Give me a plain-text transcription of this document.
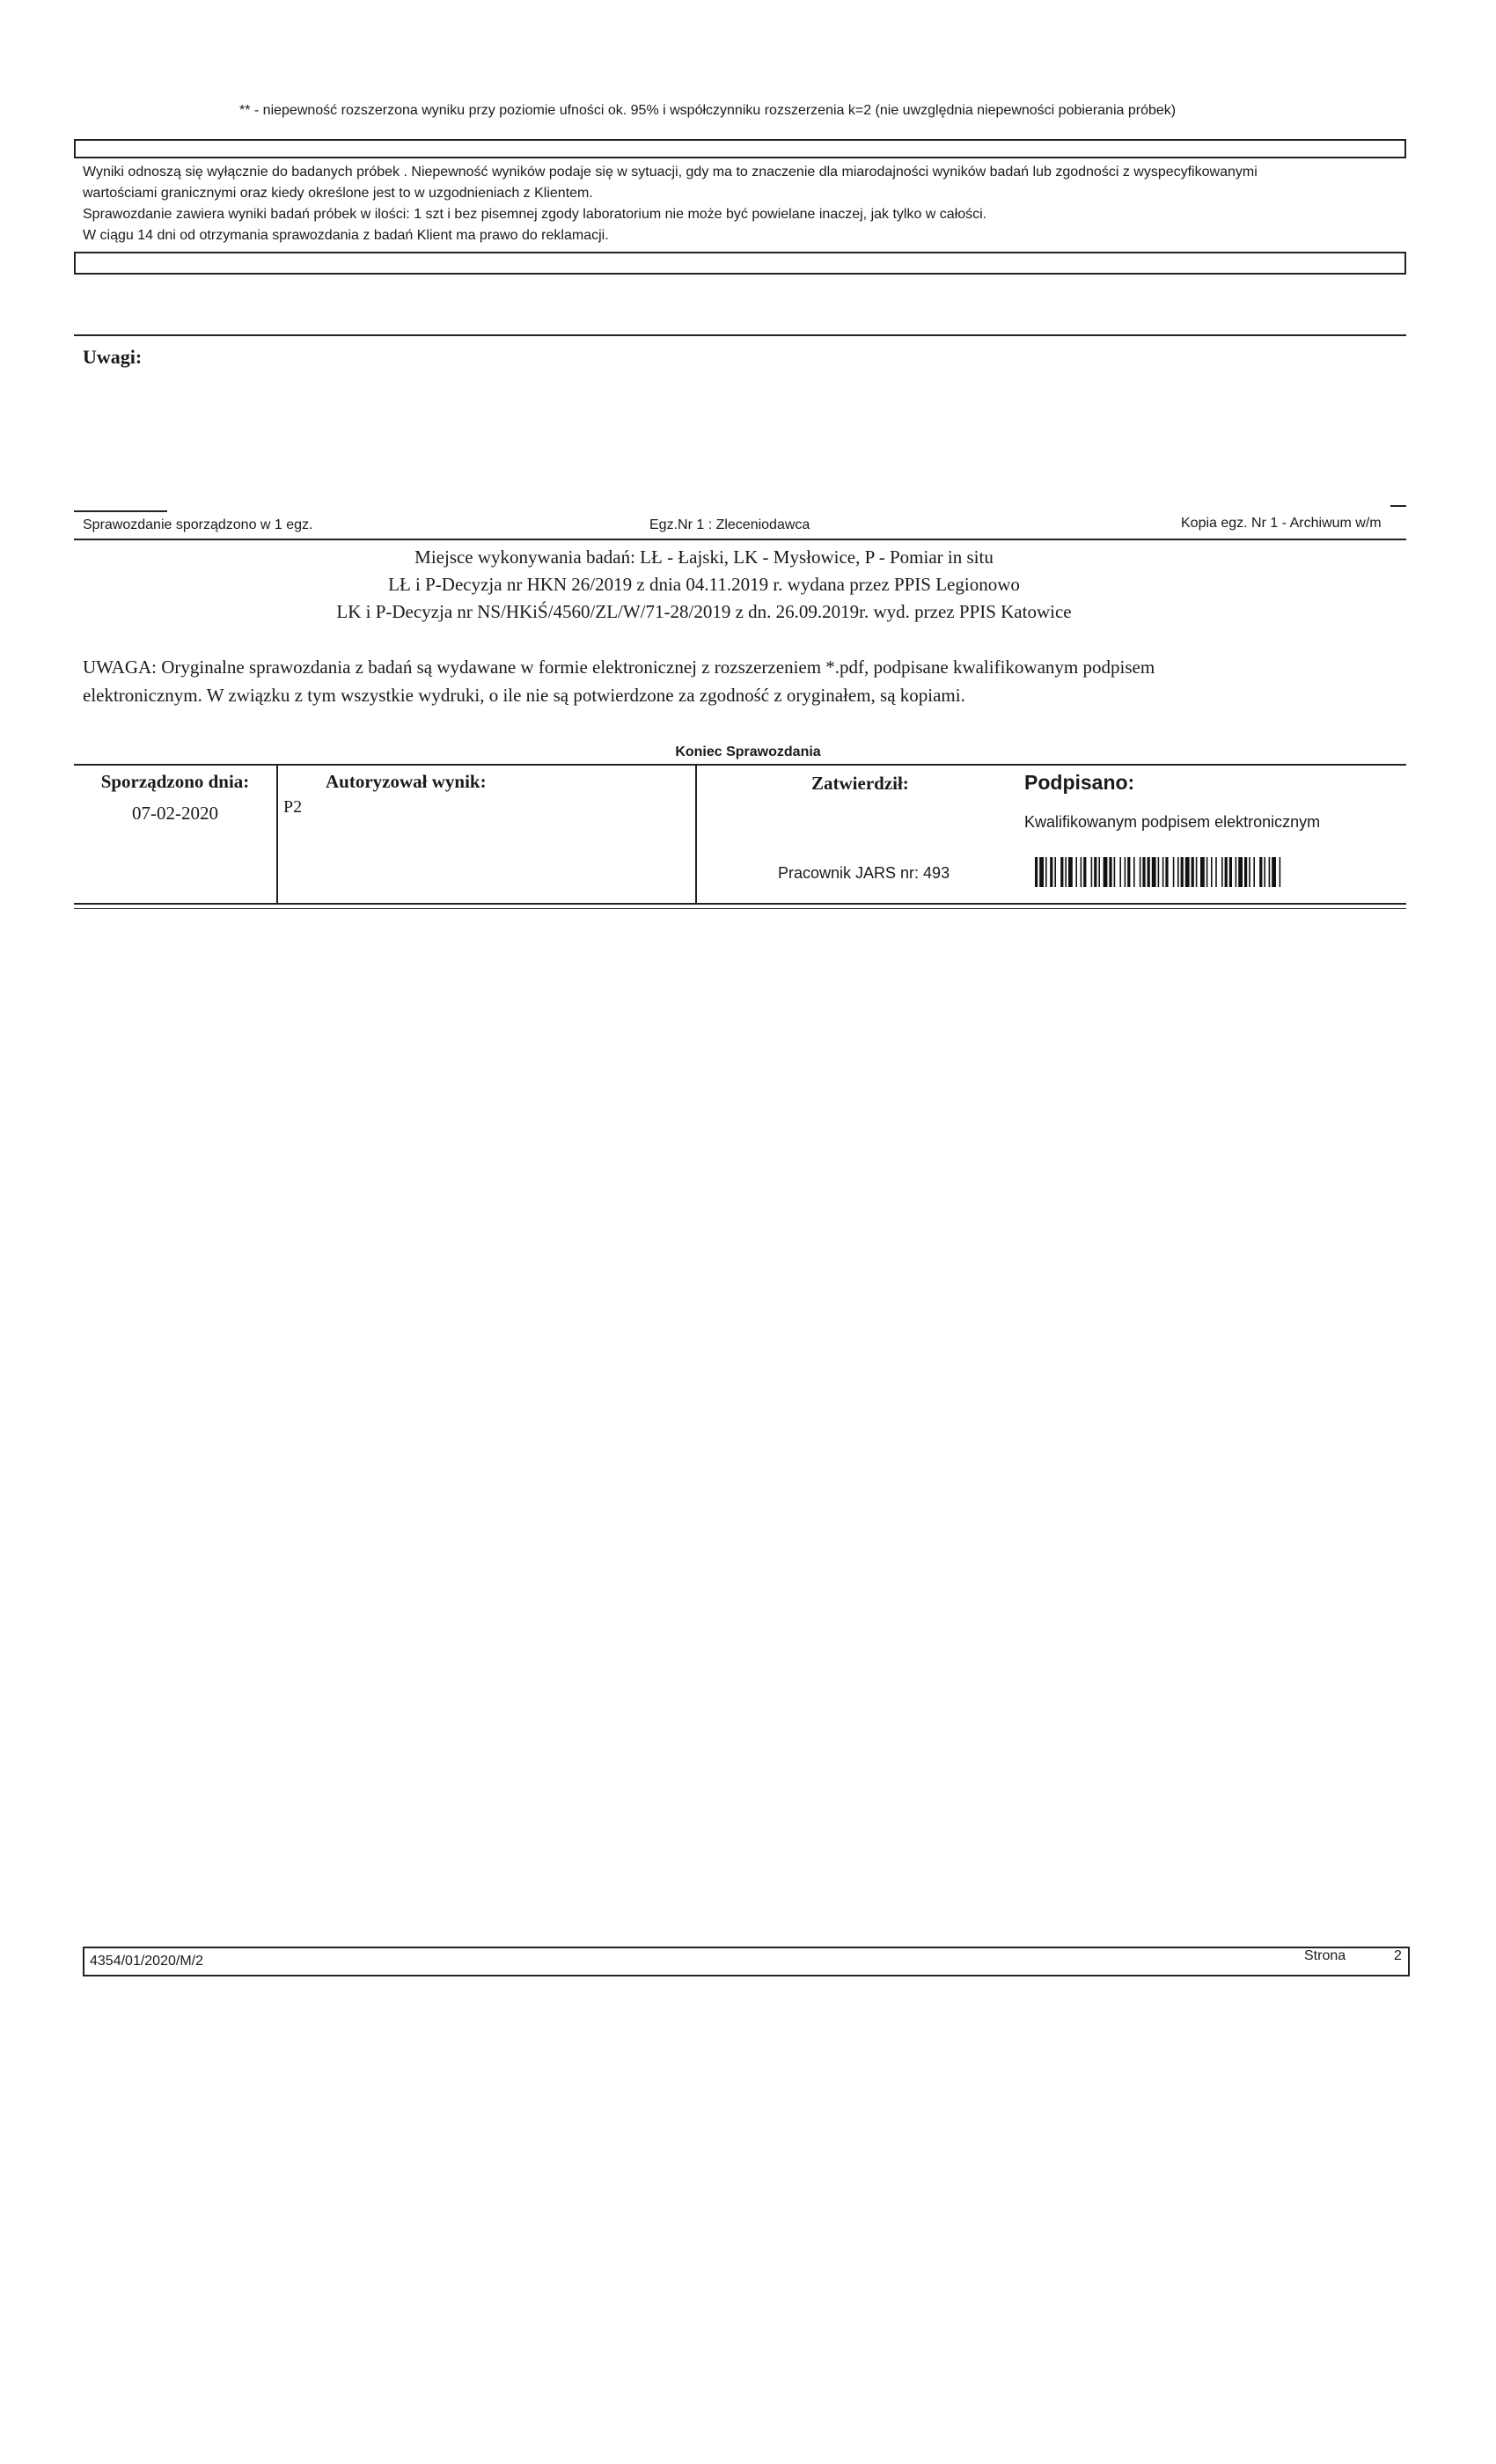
** - niepewność rozszerzona wyniku przy poziomie ufności ok. 95% i współczynniku rozszerzenia k=2 (nie uwzględnia niepewności pobierania próbek)
Wyniki odnoszą się wyłącznie do badanych próbek . Niepewność wyników podaje się w sytuacji, gdy ma to znaczenie dla miarodajności wyników badań lub zgodności z wyspecyfikowanymi
wartościami granicznymi oraz kiedy określone jest to w uzgodnieniach z Klientem.
Sprawozdanie zawiera wyniki badań próbek w ilości: 1 szt i bez pisemnej zgody laboratorium nie może być powielane inaczej, jak tylko w całości.
W ciągu 14 dni od otrzymania sprawozdania z badań Klient ma prawo do reklamacji.
Uwagi:
Sprawozdanie sporządzono w 1 egz.	Egz.Nr 1 : Zleceniodawca	Kopia egz. Nr 1 - Archiwum w/m
Miejsce wykonywania badań: LŁ - Łajski, LK - Mysłowice, P - Pomiar in situ
LŁ i P-Decyzja nr HKN 26/2019 z dnia 04.11.2019 r. wydana przez PPIS Legionowo
LK i P-Decyzja nr NS/HKiŚ/4560/ZL/W/71-28/2019 z dn. 26.09.2019r. wyd. przez PPIS Katowice
UWAGA: Oryginalne sprawozdania z badań są wydawane w formie elektronicznej z rozszerzeniem *.pdf, podpisane kwalifikowanym podpisem
elektronicznym. W związku z tym wszystkie wydruki, o ile nie są potwierdzone za zgodność z oryginałem, są kopiami.
Koniec Sprawozdania
Sporządzono dnia:
07-02-2020
Autoryzował wynik:
P2
Zatwierdził:
Pracownik JARS nr: 493
Podpisano:
Kwalifikowanym podpisem elektronicznym
4354/01/2020/M/2	Strona	2
